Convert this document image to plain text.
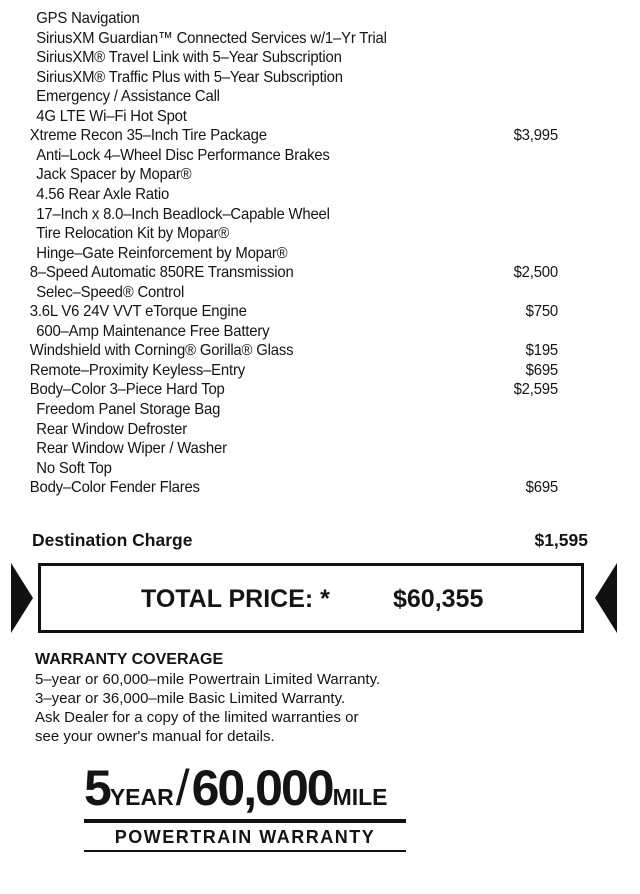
GPS Navigation
SiriusXM Guardian™ Connected Services w/1–Yr Trial
SiriusXM® Travel Link with 5–Year Subscription
SiriusXM® Traffic Plus with 5–Year Subscription
Emergency / Assistance Call
4G LTE Wi–Fi Hot Spot
Xtreme Recon 35–Inch Tire Package	$3,995
Anti–Lock 4–Wheel Disc Performance Brakes
Jack Spacer by Mopar®
4.56 Rear Axle Ratio
17–Inch x 8.0–Inch Beadlock–Capable Wheel
Tire Relocation Kit by Mopar®
Hinge–Gate Reinforcement by Mopar®
8–Speed Automatic 850RE Transmission	$2,500
Selec–Speed® Control
3.6L V6 24V VVT eTorque Engine	$750
600–Amp Maintenance Free Battery
Windshield with Corning® Gorilla® Glass	$195
Remote–Proximity Keyless–Entry	$695
Body–Color 3–Piece Hard Top	$2,595
Freedom Panel Storage Bag
Rear Window Defroster
Rear Window Wiper / Washer
No Soft Top
Body–Color Fender Flares	$695
Destination Charge	$1,595
TOTAL PRICE: *	$60,355
WARRANTY COVERAGE
5–year or 60,000–mile Powertrain Limited Warranty.
3–year or 36,000–mile Basic Limited Warranty.
Ask Dealer for a copy of the limited warranties or
see your owner's manual for details.
5YEAR/60,000MILE
POWERTRAIN WARRANTY
